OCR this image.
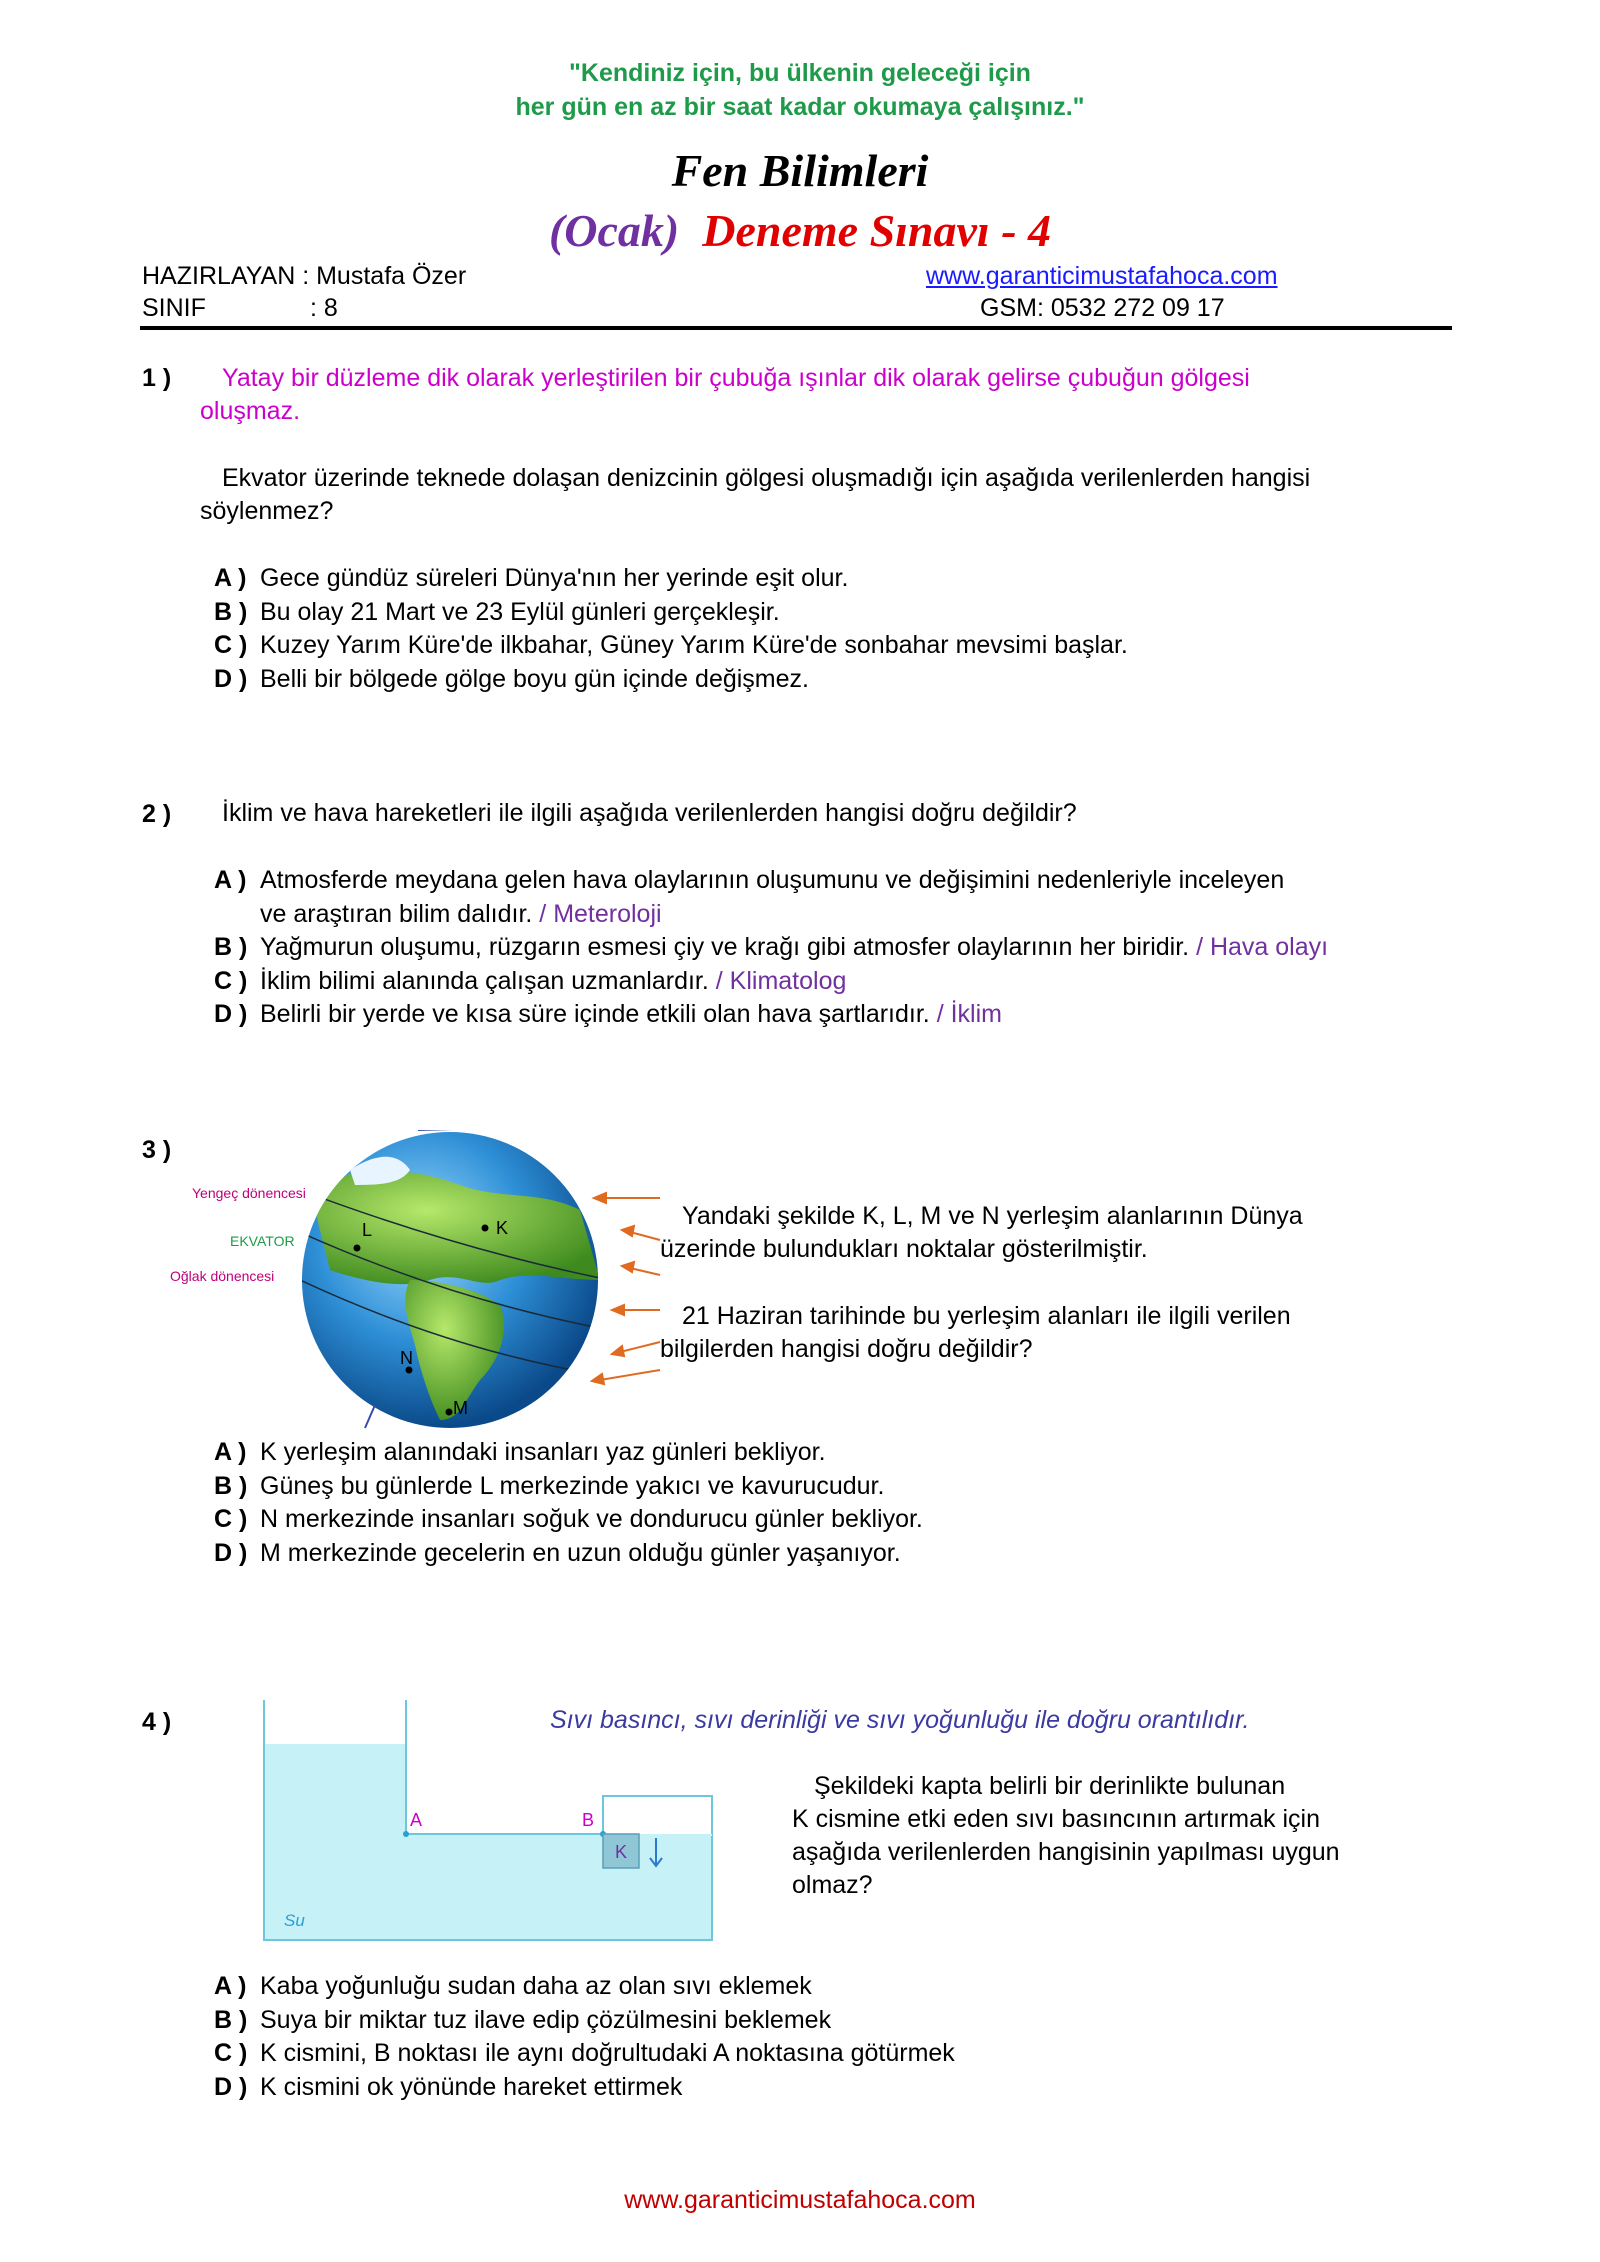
"Kendiniz için, bu ülkenin geleceği için
her gün en az bir saat kadar okumaya çalışınız."
Fen Bilimleri
(Ocak) Deneme Sınavı - 4
HAZIRLAYAN : Mustafa Özer	www.garanticimustafahoca.com
SINIF	: 8	GSM: 0532 272 09 17
1 ) Yatay bir düzleme dik olarak yerleştirilen bir çubuğa ışınlar dik olarak gelirse çubuğun gölgesi
oluşmaz.
Ekvator üzerinde teknede dolaşan denizcinin gölgesi oluşmadığı için aşağıda verilenlerden hangisi
söylenmez?
A ) Gece gündüz süreleri Dünya'nın her yerinde eşit olur.
B ) Bu olay 21 Mart ve 23 Eylül günleri gerçekleşir.
C ) Kuzey Yarım Küre'de ilkbahar, Güney Yarım Küre'de sonbahar mevsimi başlar.
D ) Belli bir bölgede gölge boyu gün içinde değişmez.
2 ) İklim ve hava hareketleri ile ilgili aşağıda verilenlerden hangisi doğru değildir?
A ) Atmosferde meydana gelen hava olaylarının oluşumunu ve değişimini nedenleriyle inceleyen
ve araştıran bilim dalıdır. / Meteroloji
B ) Yağmurun oluşumu, rüzgarın esmesi çiy ve krağı gibi atmosfer olaylarının her biridir. / Hava olayı
C ) İklim bilimi alanında çalışan uzmanlardır. / Klimatolog
D ) Belirli bir yerde ve kısa süre içinde etkili olan hava şartlarıdır. / İklim
3 )
Yengeç dönencesi
EKVATOR
Oğlak dönencesi
L	K
N
M
Yandaki şekilde K, L, M ve N yerleşim alanlarının Dünya
üzerinde bulundukları noktalar gösterilmiştir.
21 Haziran tarihinde bu yerleşim alanları ile ilgili verilen
bilgilerden hangisi doğru değildir?
A ) K yerleşim alanındaki insanları yaz günleri bekliyor.
B ) Güneş bu günlerde L merkezinde yakıcı ve kavurucudur.
C ) N merkezinde insanları soğuk ve dondurucu günler bekliyor.
D ) M merkezinde gecelerin en uzun olduğu günler yaşanıyor.
4 )	Sıvı basıncı, sıvı derinliği ve sıvı yoğunluğu ile doğru orantılıdır.
A	B
K
Su
Şekildeki kapta belirli bir derinlikte bulunan
K cismine etki eden sıvı basıncının artırmak için
aşağıda verilenlerden hangisinin yapılması uygun
olmaz?
A ) Kaba yoğunluğu sudan daha az olan sıvı eklemek
B ) Suya bir miktar tuz ilave edip çözülmesini beklemek
C ) K cismini, B noktası ile aynı doğrultudaki A noktasına götürmek
D ) K cismini ok yönünde hareket ettirmek
www.garanticimustafahoca.com
